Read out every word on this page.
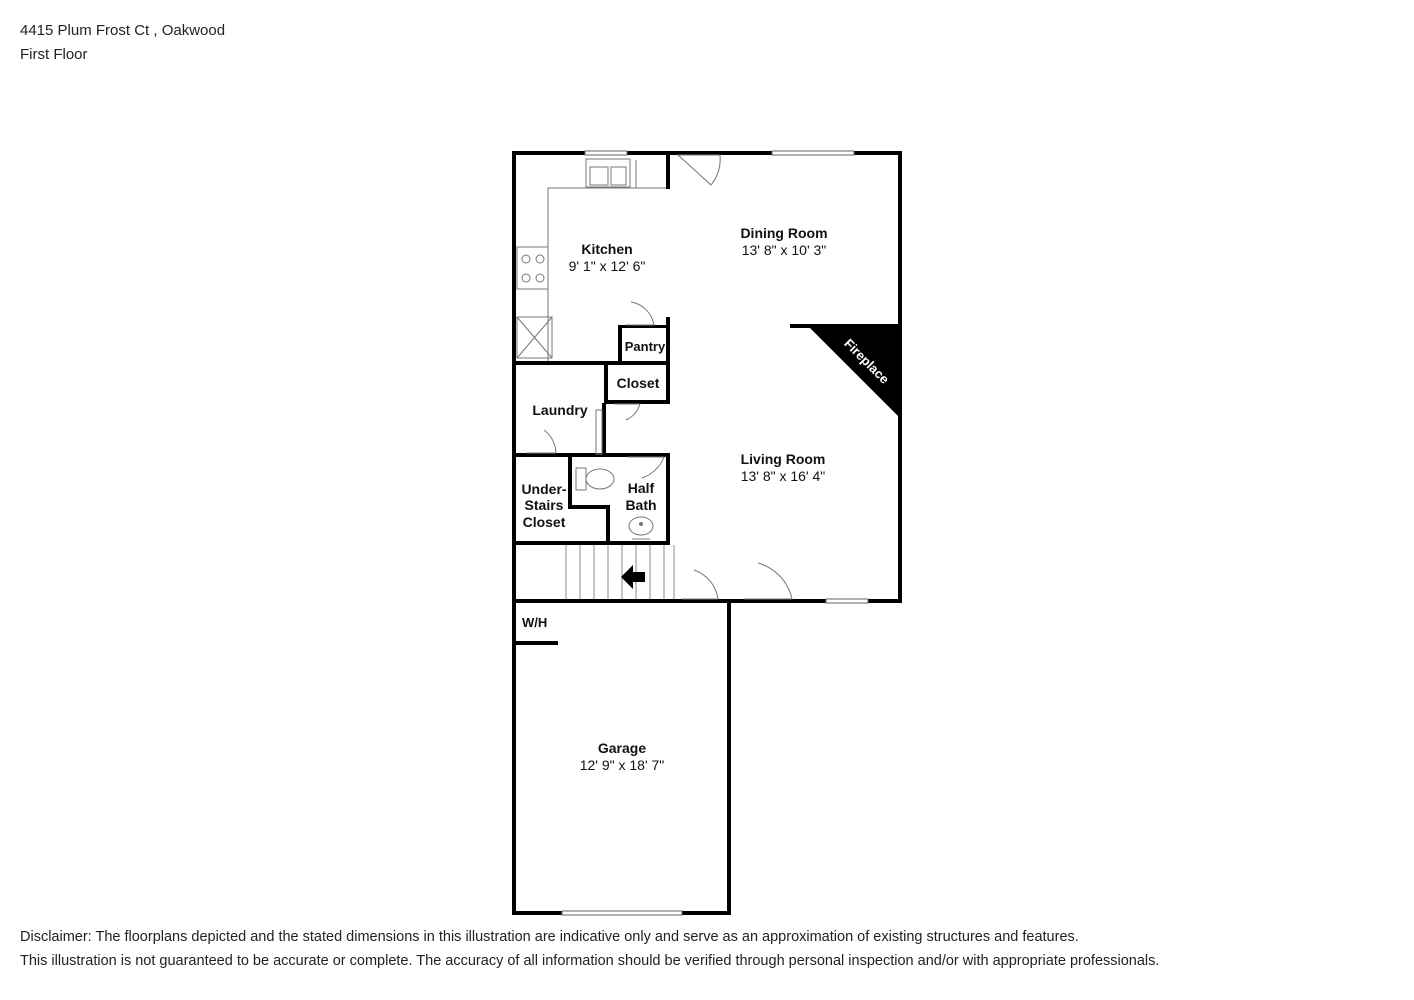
4415 Plum Frost Ct , Oakwood
First Floor
Fireplace
Kitchen
9' 1" x 12' 6"
Dining Room
13' 8" x 10' 3"
Living Room
13' 8" x 16' 4"
Garage
12' 9" x 18' 7"
Pantry
Closet
Laundry
Half
Bath
Under-
Stairs
Closet
W/H
Disclaimer: The floorplans depicted and the stated dimensions in this illustration are indicative only and serve as an approximation of existing structures and features.
This illustration is not guaranteed to be accurate or complete. The accuracy of all information should be verified through personal inspection and/or with appropriate professionals.
